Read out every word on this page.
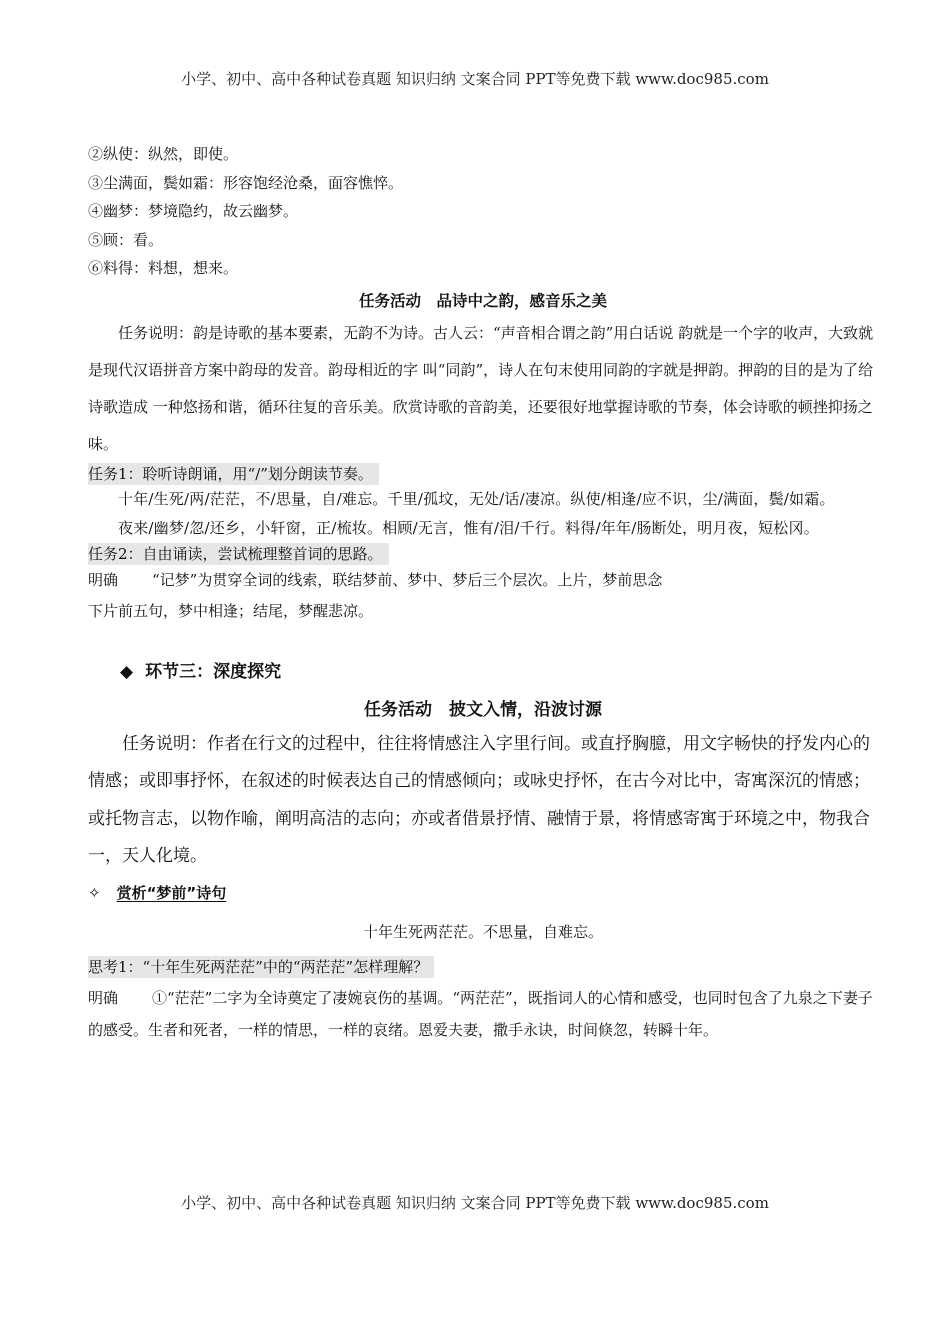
小学、初中、高中各种试卷真题 知识归纳 文案合同 PPT等免费下载 www.doc985.com

②纵使：纵然，即使。

③尘满面，鬓如霜：形容饱经沧桑，面容憔悴。

④幽梦：梦境隐约，故云幽梦。

⑤顾：看。

⑥料得：料想，想来。

任务活动　品诗中之韵，感音乐之美

任务说明：韵是诗歌的基本要素，无韵不为诗。古人云：“声音相合谓之韵”用白话说 韵就是一个字的收声，大致就是现代汉语拼音方案中韵母的发音。韵母相近的字 叫“同韵”，诗人在句末使用同韵的字就是押韵。押韵的目的是为了给诗歌造成 一种悠扬和谐，循环往复的音乐美。欣赏诗歌的音韵美，还要很好地掌握诗歌的节奏，体会诗歌的顿挫抑扬之味。

任务1：聆听诗朗诵，用“/”划分朗读节奏。

十年/生死/两/茫茫，不/思量，自/难忘。千里/孤坟，无处/话/凄凉。纵使/相逢/应不识，尘/满面，鬓/如霜。

夜来/幽梦/忽/还乡，小轩窗，正/梳妆。相顾/无言，惟有/泪/千行。料得/年年/肠断处，明月夜，短松冈。

任务2：自由诵读，尝试梳理整首词的思路。

明确 “记梦”为贯穿全词的线索，联结梦前、梦中、梦后三个层次。上片，梦前思念

下片前五句，梦中相逢；结尾，梦醒悲凉。

◆ 环节三：深度探究

任务活动　披文入情，沿波讨源

任务说明：作者在行文的过程中，往往将情感注入字里行间。或直抒胸臆，用文字畅快的抒发内心的情感；或即事抒怀，在叙述的时候表达自己的情感倾向；或咏史抒怀，在古今对比中，寄寓深沉的情感；或托物言志，以物作喻，阐明高洁的志向；亦或者借景抒情、融情于景，将情感寄寓于环境之中，物我合一，天人化境。

✧ 赏析“梦前”诗句

十年生死两茫茫。不思量，自难忘。

思考1：“十年生死两茫茫”中的“两茫茫”怎样理解？

明确 ①“茫茫”二字为全诗奠定了凄婉哀伤的基调。“两茫茫”，既指词人的心情和感受，也同时包含了九泉之下妻子的感受。生者和死者，一样的情思，一样的哀绪。恩爱夫妻，撒手永诀，时间倏忽，转瞬十年。

小学、初中、高中各种试卷真题 知识归纳 文案合同 PPT等免费下载 www.doc985.com
